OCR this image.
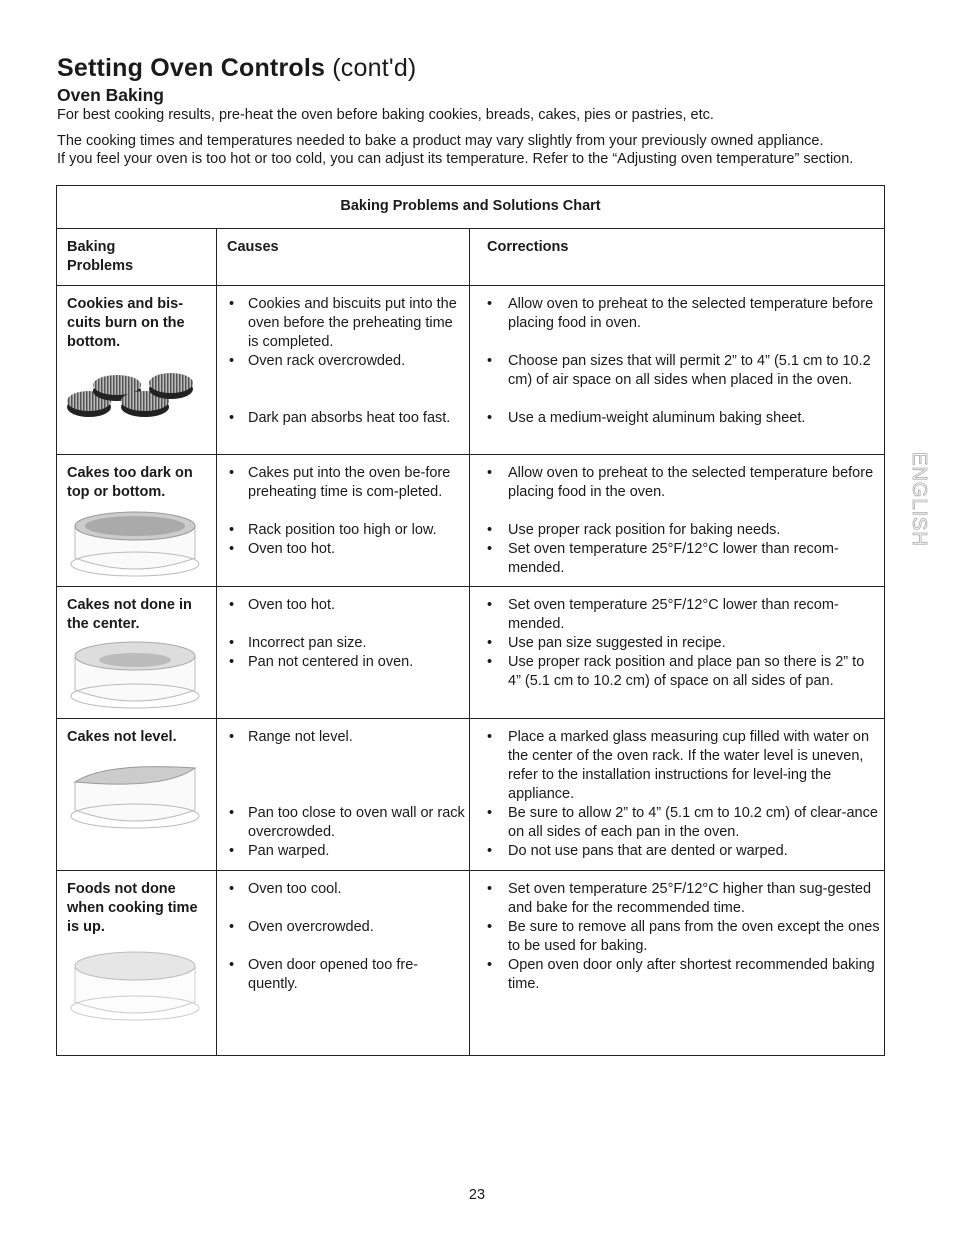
Setting Oven Controls (cont'd)
Oven Baking

For best cooking results, pre-heat the oven before baking cookies, breads, cakes, pies or pastries, etc.

The cooking times and temperatures needed to bake a product may vary slightly from your previously owned appliance.

If you feel your oven is too hot or too cold, you can adjust its temperature. Refer to the “Adjusting oven temperature” section.

Baking Problems and Solutions Chart
Baking Problems
Causes	Corrections
Cookies and bis-cuits burn on the bottom.
• Cookies and biscuits put into the oven before the preheating time is completed.
• Oven rack overcrowded.
• Dark pan absorbs heat too fast.
• Allow oven to preheat to the selected temperature before placing food in oven.
• Choose pan sizes that will permit 2” to 4” (5.1 cm to 10.2 cm) of air space on all sides when placed in the oven.
• Use a medium-weight aluminum baking sheet.
Cakes too dark on top or bottom.
• Cakes put into the oven be-fore preheating time is com-pleted.
• Rack position too high or low.
• Oven too hot.
• Allow oven to preheat to the selected temperature before placing food in the oven.
• Use proper rack position for baking needs.
• Set oven temperature 25°F/12°C lower than recom-mended.
Cakes not done in the center.
• Oven too hot.
• Incorrect pan size.
• Pan not centered in oven.
• Set oven temperature 25°F/12°C lower than recom-mended.
• Use pan size suggested in recipe.
• Use proper rack position and place pan so there is 2” to 4” (5.1 cm to 10.2 cm) of space on all sides of pan.
Cakes not level.
•	Range not level.
• Pan too close to oven wall or rack overcrowded.
• Pan warped.
• Place a marked glass measuring cup filled with water on the center of the oven rack. If the water level is uneven, refer to the installation instructions for level-ing the appliance.
• Be sure to allow 2” to 4” (5.1 cm to 10.2 cm) of clear-ance on all sides of each pan in the oven.
• Do not use pans that are dented or warped.
Foods not done when cooking time is up.
• Oven too cool.
• Oven overcrowded.
• Oven door opened too fre-quently.
• Set oven temperature 25°F/12°C higher than sug-gested and bake for the recommended time.
• Be sure to remove all pans from the oven except the ones to be used for baking.
• Open oven door only after shortest recommended baking time.
ENGLISH
23
